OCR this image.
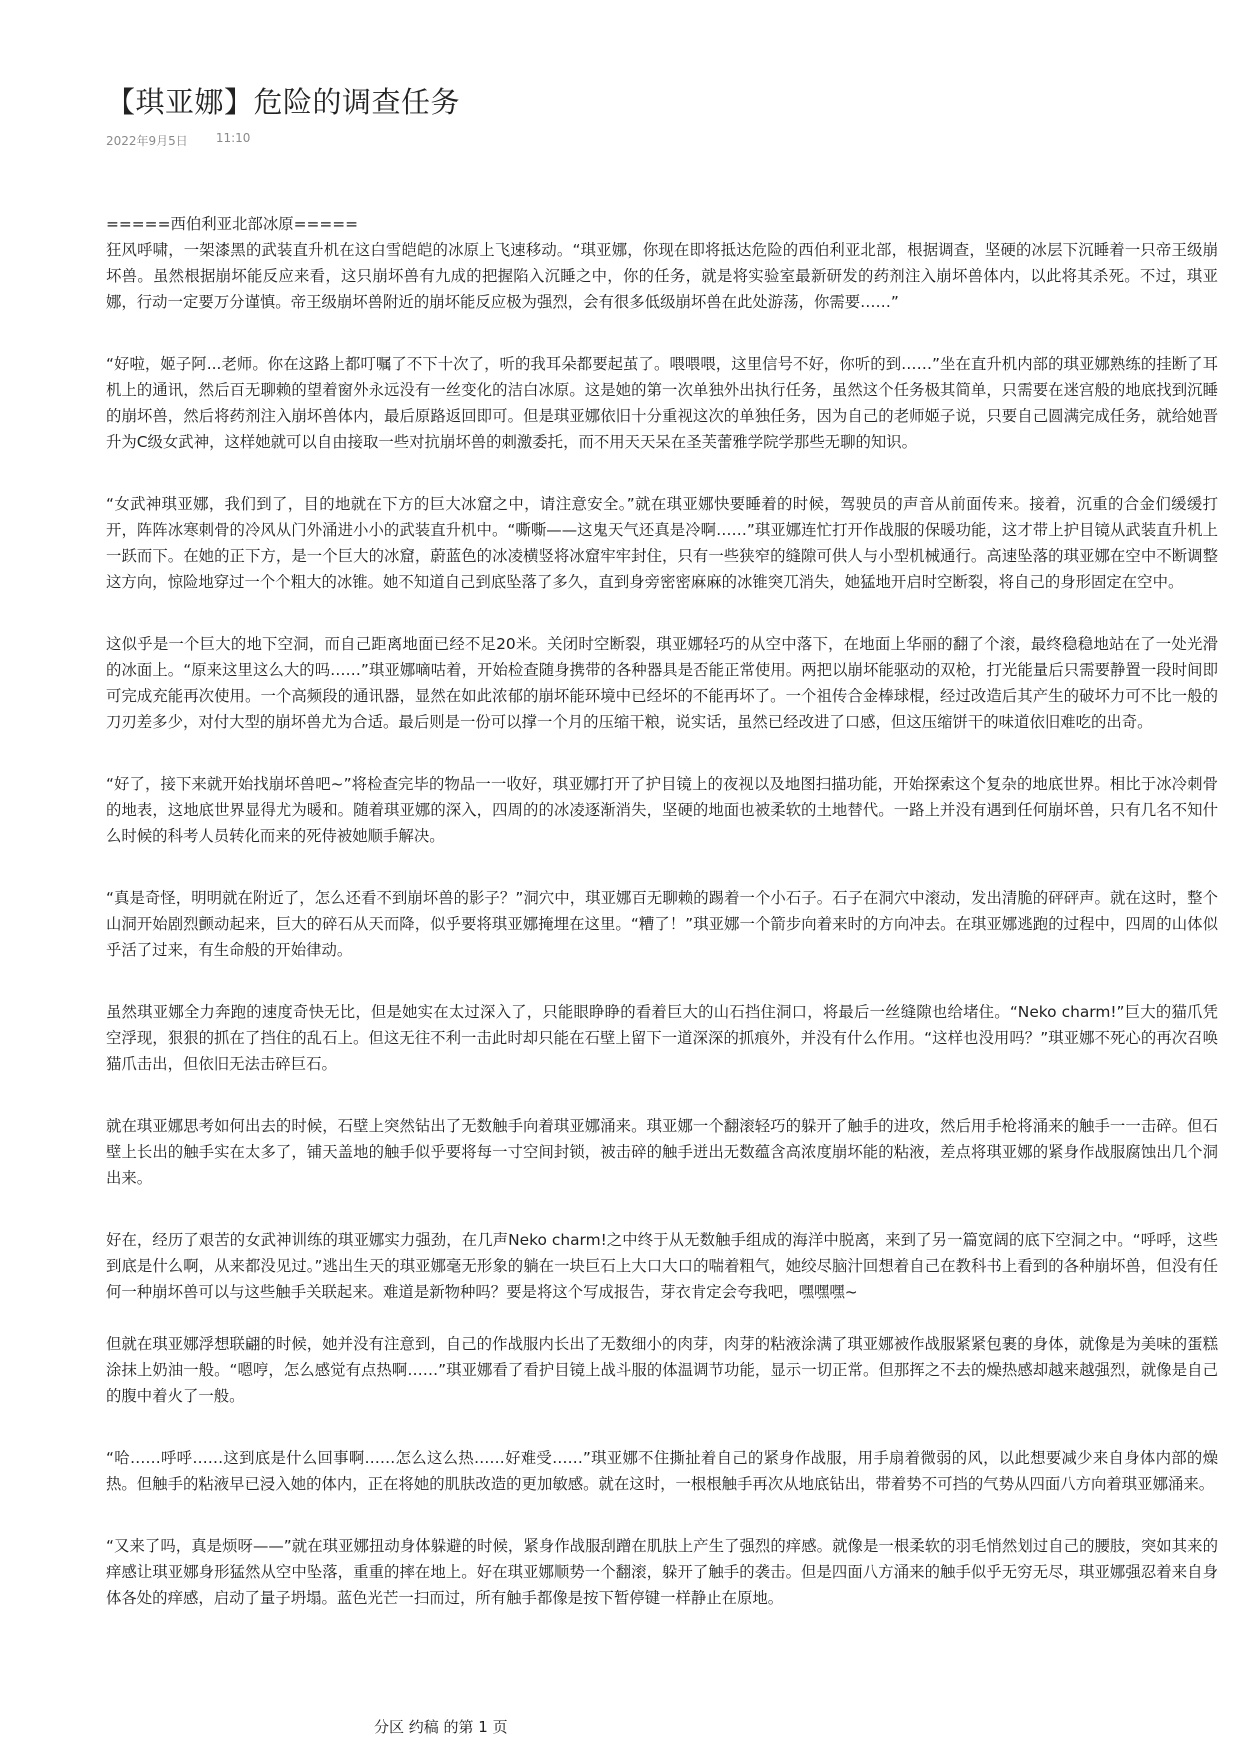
【琪亚娜】危险的调查任务
2022年9月5日 11:10

=====西伯利亚北部冰原=====

狂风呼啸，一架漆黑的武装直升机在这白雪皑皑的冰原上飞速移动。“琪亚娜，你现在即将抵达危险的西伯利亚北部，根据调查，坚硬的冰层下沉睡着一只帝王级崩坏兽。虽然根据崩坏能反应来看，这只崩坏兽有九成的把握陷入沉睡之中，你的任务，就是将实验室最新研发的药剂注入崩坏兽体内，以此将其杀死。不过，琪亚娜，行动一定要万分谨慎。帝王级崩坏兽附近的崩坏能反应极为强烈，会有很多低级崩坏兽在此处游荡，你需要……”

“好啦，姬子阿...老师。你在这路上都叮嘱了不下十次了，听的我耳朵都要起茧了。喂喂喂，这里信号不好，你听的到……”坐在直升机内部的琪亚娜熟练的挂断了耳机上的通讯，然后百无聊赖的望着窗外永远没有一丝变化的洁白冰原。这是她的第一次单独外出执行任务，虽然这个任务极其简单，只需要在迷宫般的地底找到沉睡的崩坏兽，然后将药剂注入崩坏兽体内，最后原路返回即可。但是琪亚娜依旧十分重视这次的单独任务，因为自己的老师姬子说，只要自己圆满完成任务，就给她晋升为C级女武神，这样她就可以自由接取一些对抗崩坏兽的刺激委托，而不用天天呆在圣芙蕾雅学院学那些无聊的知识。

“女武神琪亚娜，我们到了，目的地就在下方的巨大冰窟之中，请注意安全。”就在琪亚娜快要睡着的时候，驾驶员的声音从前面传来。接着，沉重的合金们缓缓打开，阵阵冰寒刺骨的冷风从门外涌进小小的武装直升机中。“嘶嘶——这鬼天气还真是冷啊……”琪亚娜连忙打开作战服的保暖功能，这才带上护目镜从武装直升机上一跃而下。在她的正下方，是一个巨大的冰窟，蔚蓝色的冰凌横竖将冰窟牢牢封住，只有一些狭窄的缝隙可供人与小型机械通行。高速坠落的琪亚娜在空中不断调整这方向，惊险地穿过一个个粗大的冰锥。她不知道自己到底坠落了多久，直到身旁密密麻麻的冰锥突兀消失，她猛地开启时空断裂，将自己的身形固定在空中。

这似乎是一个巨大的地下空洞，而自己距离地面已经不足20米。关闭时空断裂，琪亚娜轻巧的从空中落下，在地面上华丽的翻了个滚，最终稳稳地站在了一处光滑的冰面上。“原来这里这么大的吗……”琪亚娜嘀咕着，开始检查随身携带的各种器具是否能正常使用。两把以崩坏能驱动的双枪，打光能量后只需要静置一段时间即可完成充能再次使用。一个高频段的通讯器，显然在如此浓郁的崩坏能环境中已经坏的不能再坏了。一个祖传合金棒球棍，经过改造后其产生的破坏力可不比一般的刀刃差多少，对付大型的崩坏兽尤为合适。最后则是一份可以撑一个月的压缩干粮，说实话，虽然已经改进了口感，但这压缩饼干的味道依旧难吃的出奇。

“好了，接下来就开始找崩坏兽吧~”将检查完毕的物品一一收好，琪亚娜打开了护目镜上的夜视以及地图扫描功能，开始探索这个复杂的地底世界。相比于冰冷刺骨的地表，这地底世界显得尤为暖和。随着琪亚娜的深入，四周的的冰凌逐渐消失，坚硬的地面也被柔软的土地替代。一路上并没有遇到任何崩坏兽，只有几名不知什么时候的科考人员转化而来的死侍被她顺手解决。

“真是奇怪，明明就在附近了，怎么还看不到崩坏兽的影子？”洞穴中，琪亚娜百无聊赖的踢着一个小石子。石子在洞穴中滚动，发出清脆的砰砰声。就在这时，整个山洞开始剧烈颤动起来，巨大的碎石从天而降，似乎要将琪亚娜掩埋在这里。“糟了！”琪亚娜一个箭步向着来时的方向冲去。在琪亚娜逃跑的过程中，四周的山体似乎活了过来，有生命般的开始律动。

虽然琪亚娜全力奔跑的速度奇快无比，但是她实在太过深入了，只能眼睁睁的看着巨大的山石挡住洞口，将最后一丝缝隙也给堵住。“Neko charm!”巨大的猫爪凭空浮现，狠狠的抓在了挡住的乱石上。但这无往不利一击此时却只能在石壁上留下一道深深的抓痕外，并没有什么作用。“这样也没用吗？”琪亚娜不死心的再次召唤猫爪击出，但依旧无法击碎巨石。

就在琪亚娜思考如何出去的时候，石壁上突然钻出了无数触手向着琪亚娜涌来。琪亚娜一个翻滚轻巧的躲开了触手的进攻，然后用手枪将涌来的触手一一击碎。但石壁上长出的触手实在太多了，铺天盖地的触手似乎要将每一寸空间封锁，被击碎的触手迸出无数蕴含高浓度崩坏能的粘液，差点将琪亚娜的紧身作战服腐蚀出几个洞出来。

好在，经历了艰苦的女武神训练的琪亚娜实力强劲，在几声Neko charm!之中终于从无数触手组成的海洋中脱离，来到了另一篇宽阔的底下空洞之中。“呼呼，这些到底是什么啊，从来都没见过。”逃出生天的琪亚娜毫无形象的躺在一块巨石上大口大口的喘着粗气，她绞尽脑汁回想着自己在教科书上看到的各种崩坏兽，但没有任何一种崩坏兽可以与这些触手关联起来。难道是新物种吗？要是将这个写成报告，芽衣肯定会夸我吧，嘿嘿嘿~

但就在琪亚娜浮想联翩的时候，她并没有注意到，自己的作战服内长出了无数细小的肉芽，肉芽的粘液涂满了琪亚娜被作战服紧紧包裹的身体，就像是为美味的蛋糕涂抹上奶油一般。“嗯哼，怎么感觉有点热啊……”琪亚娜看了看护目镜上战斗服的体温调节功能，显示一切正常。但那挥之不去的燥热感却越来越强烈，就像是自己的腹中着火了一般。

“哈……呼呼……这到底是什么回事啊……怎么这么热……好难受……”琪亚娜不住撕扯着自己的紧身作战服，用手扇着微弱的风，以此想要减少来自身体内部的燥热。但触手的粘液早已浸入她的体内，正在将她的肌肤改造的更加敏感。就在这时，一根根触手再次从地底钻出，带着势不可挡的气势从四面八方向着琪亚娜涌来。

“又来了吗，真是烦呀——”就在琪亚娜扭动身体躲避的时候，紧身作战服刮蹭在肌肤上产生了强烈的痒感。就像是一根柔软的羽毛悄然划过自己的腰肢，突如其来的痒感让琪亚娜身形猛然从空中坠落，重重的摔在地上。好在琪亚娜顺势一个翻滚，躲开了触手的袭击。但是四面八方涌来的触手似乎无穷无尽，琪亚娜强忍着来自身体各处的痒感，启动了量子坍塌。蓝色光芒一扫而过，所有触手都像是按下暂停键一样静止在原地。

分区 约稿 的第 1 页
